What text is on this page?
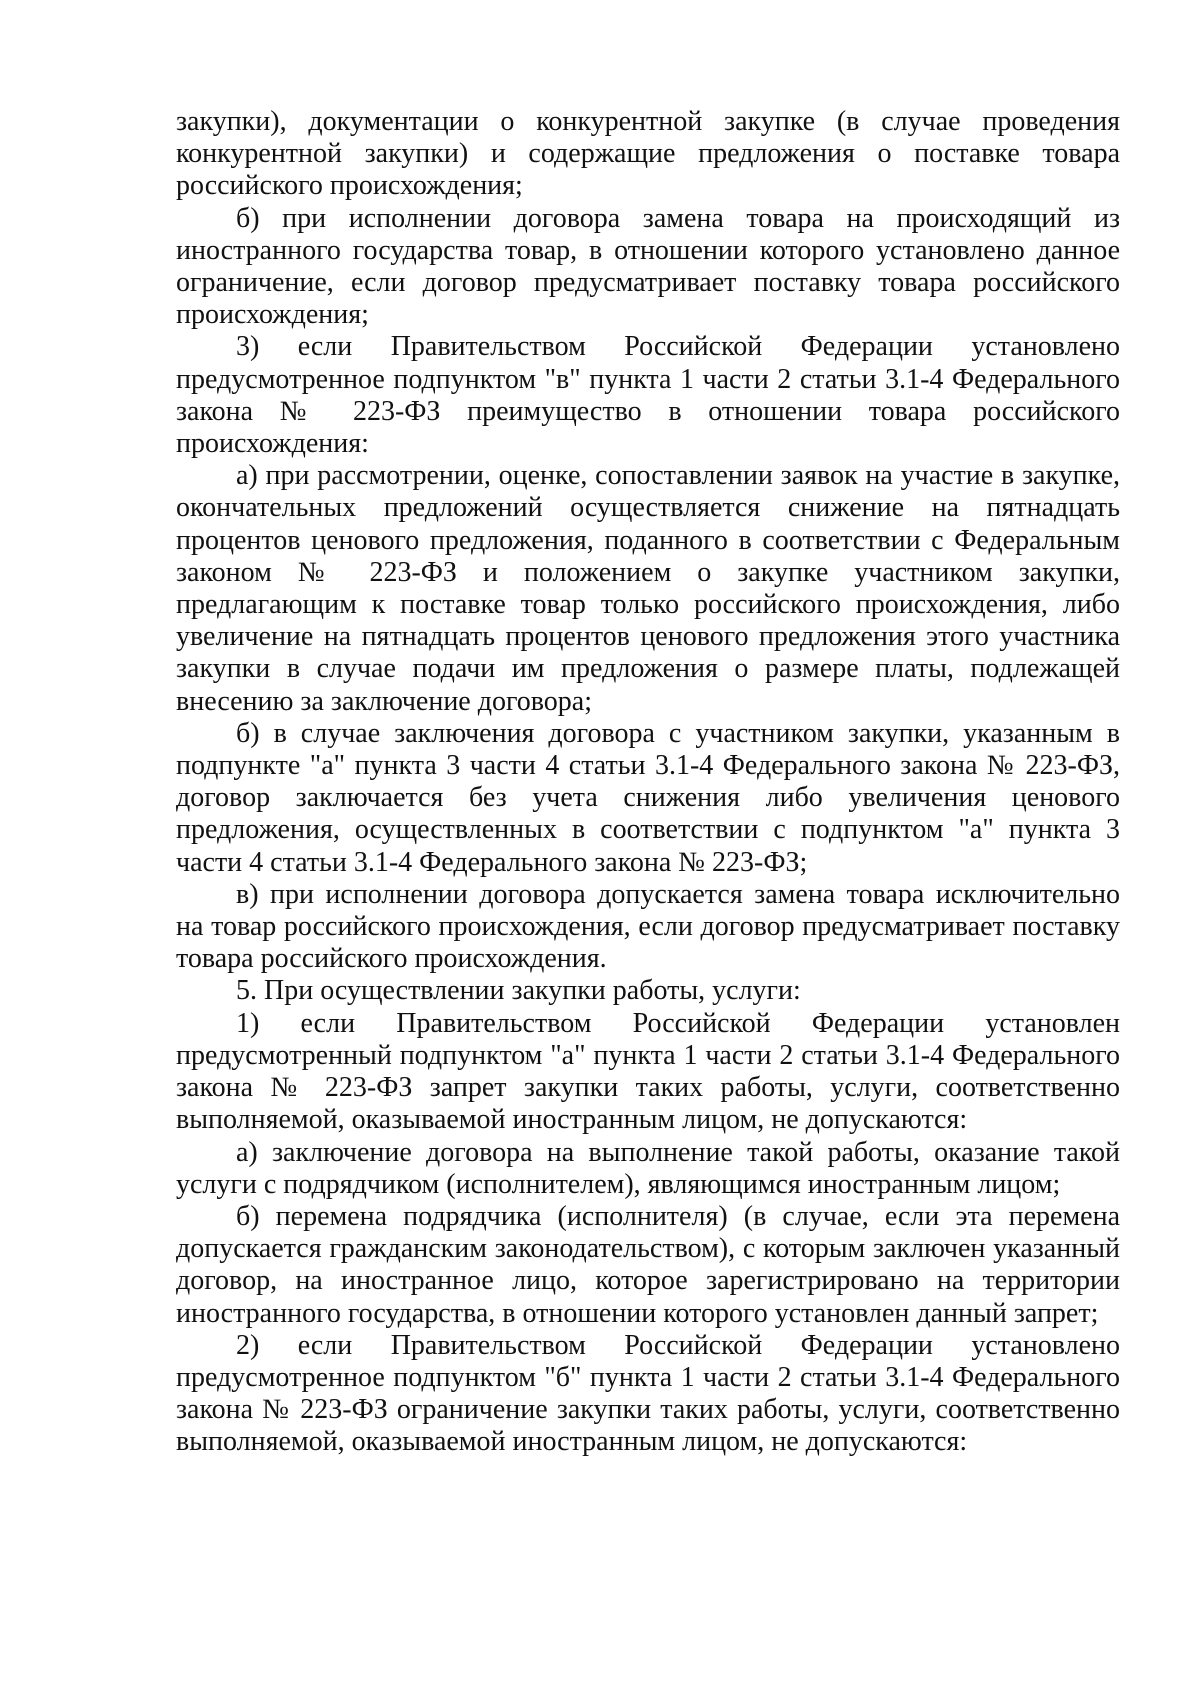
закупки), документации о конкурентной закупке (в случае проведения конкурентной закупки) и содержащие предложения о поставке товара российского происхождения;

б) при исполнении договора замена товара на происходящий из иностранного государства товар, в отношении которого установлено данное ограничение, если договор предусматривает поставку товара российского происхождения;

3) если Правительством Российской Федерации установлено предусмотренное подпунктом "в" пункта 1 части 2 статьи 3.1-4 Федерального закона № 223-ФЗ преимущество в отношении товара российского происхождения:

а) при рассмотрении, оценке, сопоставлении заявок на участие в закупке, окончательных предложений осуществляется снижение на пятнадцать процентов ценового предложения, поданного в соответствии с Федеральным законом № 223-ФЗ и положением о закупке участником закупки, предлагающим к поставке товар только российского происхождения, либо увеличение на пятнадцать процентов ценового предложения этого участника закупки в случае подачи им предложения о размере платы, подлежащей внесению за заключение договора;

б) в случае заключения договора с участником закупки, указанным в подпункте "а" пункта 3 части 4 статьи 3.1-4 Федерального закона № 223-ФЗ, договор заключается без учета снижения либо увеличения ценового предложения, осуществленных в соответствии с подпунктом "а" пункта 3 части 4 статьи 3.1-4 Федерального закона № 223-ФЗ;

в) при исполнении договора допускается замена товара исключительно на товар российского происхождения, если договор предусматривает поставку товара российского происхождения.

5. При осуществлении закупки работы, услуги:

1) если Правительством Российской Федерации установлен предусмотренный подпунктом "а" пункта 1 части 2 статьи 3.1-4 Федерального закона № 223-ФЗ запрет закупки таких работы, услуги, соответственно выполняемой, оказываемой иностранным лицом, не допускаются:

а) заключение договора на выполнение такой работы, оказание такой услуги с подрядчиком (исполнителем), являющимся иностранным лицом;

б) перемена подрядчика (исполнителя) (в случае, если эта перемена допускается гражданским законодательством), с которым заключен указанный договор, на иностранное лицо, которое зарегистрировано на территории иностранного государства, в отношении которого установлен данный запрет;

2) если Правительством Российской Федерации установлено предусмотренное подпунктом "б" пункта 1 части 2 статьи 3.1-4 Федерального закона № 223-ФЗ ограничение закупки таких работы, услуги, соответственно выполняемой, оказываемой иностранным лицом, не допускаются:
